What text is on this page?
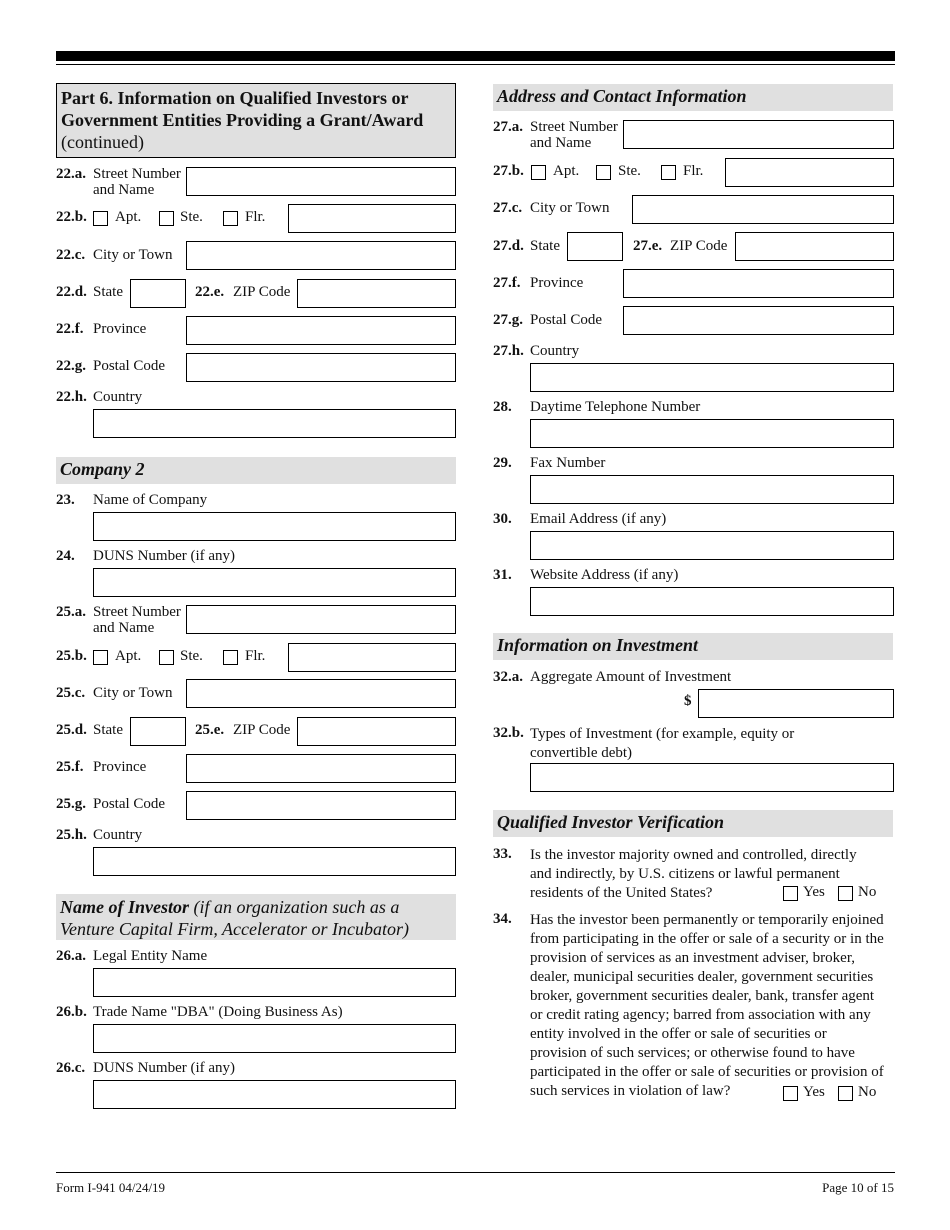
Part 6. Information on Qualified Investors or Government Entities Providing a Grant/Award
(continued)
22.a. Street Number
and Name
22.b. Apt.	Ste.	Flr.
22.c. City or Town
22.d. State	22.e. ZIP Code
22.f. Province
22.g. Postal Code
22.h. Country
Company 2
23. Name of Company
24. DUNS Number (if any)
25.a. Street Number
and Name
25.b. Apt.	Ste.	Flr.
25.c. City or Town
25.d. State	25.e. ZIP Code
25.f. Province
25.g. Postal Code
25.h. Country
Name of Investor (if an organization such as a
Venture Capital Firm, Accelerator or Incubator)
26.a. Legal Entity Name
26.b. Trade Name "DBA" (Doing Business As)
26.c. DUNS Number (if any)
Address and Contact Information
27.a. Street Number
and Name
27.b. Apt.	Ste.	Flr.
27.c. City or Town
27.d. State	27.e. ZIP Code
27.f. Province
27.g. Postal Code
27.h. Country
28. Daytime Telephone Number
29. Fax Number
30. Email Address (if any)
31. Website Address (if any)
Information on Investment
32.a. Aggregate Amount of Investment
$
32.b. Types of Investment (for example, equity or
convertible debt)
Qualified Investor Verification
33. Is the investor majority owned and controlled, directly
and indirectly, by U.S. citizens or lawful permanent
residents of the United States?	Yes No
34. Has the investor been permanently or temporarily enjoined
from participating in the offer or sale of a security or in the
provision of services as an investment adviser, broker,
dealer, municipal securities dealer, government securities
broker, government securities dealer, bank, transfer agent
or credit rating agency; barred from association with any
entity involved in the offer or sale of securities or
provision of such services; or otherwise found to have
participated in the offer or sale of securities or provision of
such services in violation of law?	Yes No
Form I-941 04/24/19	Page 10 of 15
